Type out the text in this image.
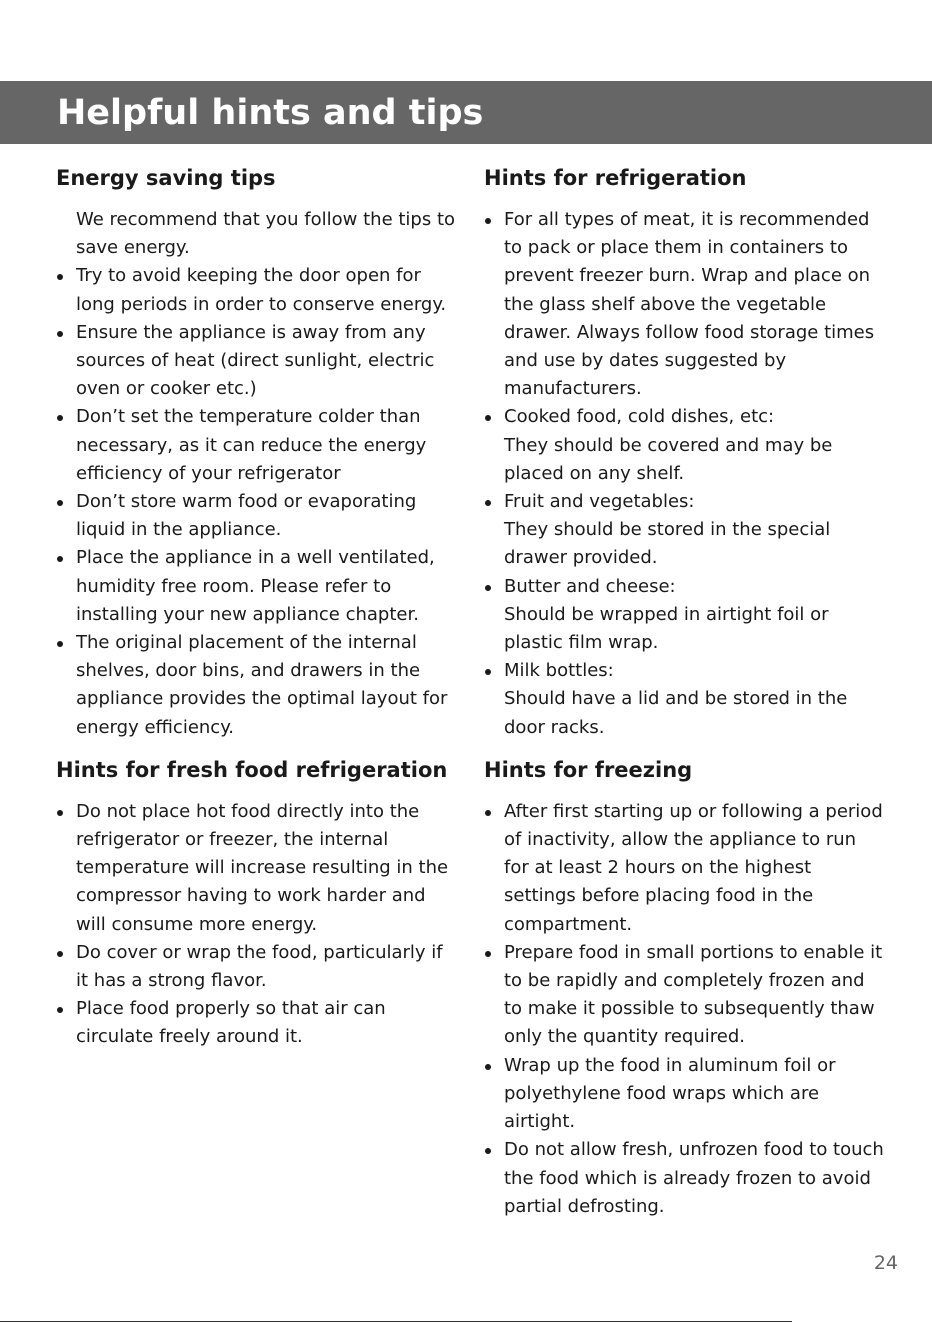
Helpful hints and tips
Energy saving tips

We recommend that you follow the tips to save energy.

Try to avoid keeping the door open for long periods in order to conserve energy.
Ensure the appliance is away from any sources of heat (direct sunlight, electric oven or cooker etc.)
Don’t set the temperature colder than necessary, as it can reduce the energy efficiency of your refrigerator
Don’t store warm food or evaporating liquid in the appliance.
Place the appliance in a well ventilated, humidity free room. Please refer to installing your new appliance chapter.
The original placement of the internal shelves, door bins, and drawers in the appliance provides the optimal layout for energy efficiency.
Hints for fresh food refrigeration
Do not place hot food directly into the refrigerator or freezer, the internal temperature will increase resulting in the compressor having to work harder and will consume more energy.
Do cover or wrap the food, particularly if it has a strong flavor.
Place food properly so that air can circulate freely around it.
Hints for refrigeration
For all types of meat, it is recommended to pack or place them in containers to prevent freezer burn. Wrap and place on the glass shelf above the vegetable drawer. Always follow food storage times and use by dates suggested by manufacturers.
Cooked food, cold dishes, etc:
They should be covered and may be placed on any shelf.
Fruit and vegetables:
They should be stored in the special drawer provided.
Butter and cheese:
Should be wrapped in airtight foil or plastic film wrap.
Milk bottles:
Should have a lid and be stored in the door racks.
Hints for freezing
After first starting up or following a period of inactivity, allow the appliance to run for at least 2 hours on the highest settings before placing food in the compartment.
Prepare food in small portions to enable it to be rapidly and completely frozen and to make it possible to subsequently thaw only the quantity required.
Wrap up the food in aluminum foil or polyethylene food wraps which are airtight.
Do not allow fresh, unfrozen food to touch the food which is already frozen to avoid partial defrosting.
24
